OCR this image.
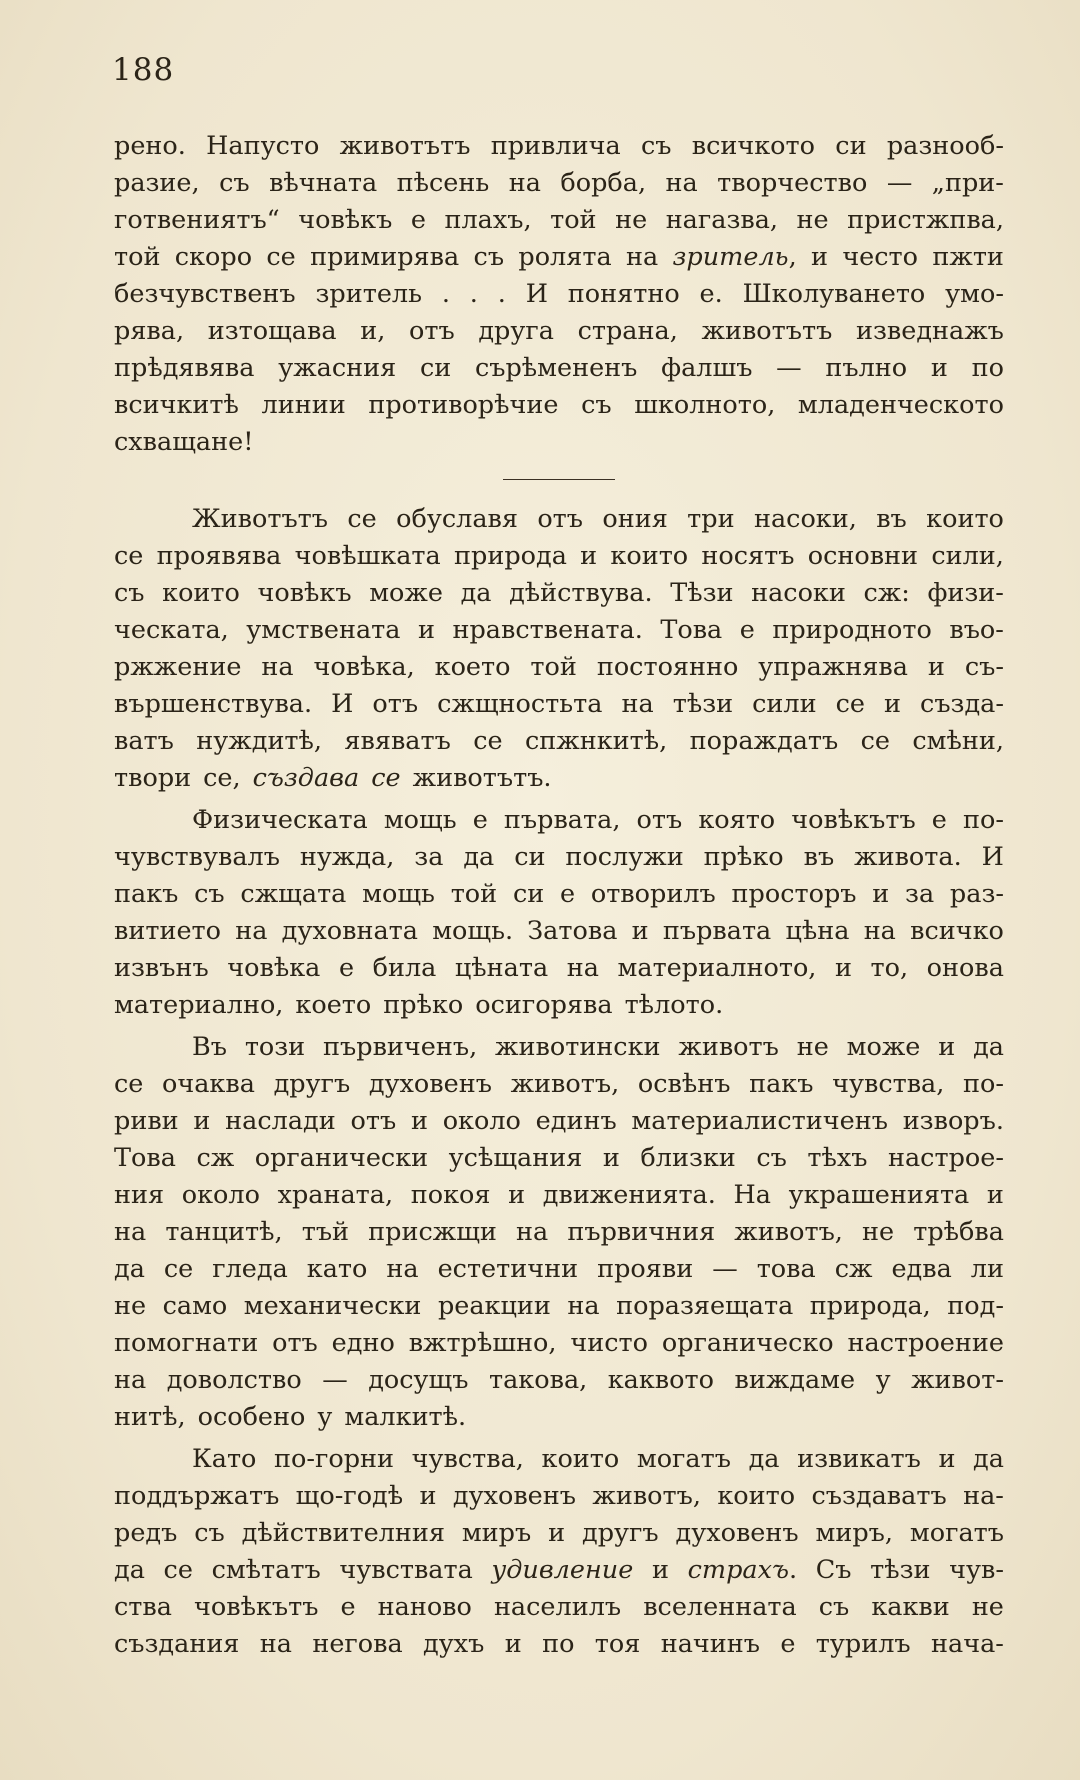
188
рено. Напусто животътъ привлича съ всичкото си разнооб-
разие, съ вѣчната пѣсень на борба, на творчество — „при-
готвениятъ“ човѣкъ е плахъ, той не нагазва, не пристжпва,
той скоро се примирява съ ролята на зритель, и често пжти
безчувственъ зритель . . . И понятно е. Школуването умо-
рява, изтощава и, отъ друга страна, животътъ изведнажъ
прѣдявява ужасния си сърѣмененъ фалшъ — пълно и по
всичкитѣ линии противорѣчие съ школното, младенческото
схващане!
Животътъ се обуславя отъ ония три насоки, въ които
се проявява човѣшката природа и които носятъ основни сили,
съ които човѣкъ може да дѣйствува. Тѣзи насоки сж: физи-
ческата, умствената и нравствената. Това е природното въо-
ржжение на човѣка, което той постоянно упражнява и съ-
вършенствува. И отъ сжщностьта на тѣзи сили се и създа-
ватъ нуждитѣ, явяватъ се спжнкитѣ, пораждатъ се смѣни,
твори се, създава се животътъ.
Физическата мощь е първата, отъ която човѣкътъ е по-
чувствувалъ нужда, за да си послужи прѣко въ живота. И
пакъ съ сжщата мощь той си е отворилъ просторъ и за раз-
витието на духовната мощь. Затова и първата цѣна на всичко
извънъ човѣка е била цѣната на материалното, и то, онова
материално, което прѣко осигорява тѣлото.
Въ този първиченъ, животински животъ не може и да
се очаква другъ духовенъ животъ, освѣнъ пакъ чувства, по-
риви и наслади отъ и около единъ материалистиченъ изворъ.
Това сж органически усѣщания и близки съ тѣхъ настрое-
ния около храната, покоя и движенията. На украшенията и
на танцитѣ, тъй присжщи на първичния животъ, не трѣбва
да се гледа като на естетични прояви — това сж едва ли
не само механически реакции на поразяещата природа, под-
помогнати отъ едно вжтрѣшно, чисто органическо настроение
на доволство — досущъ такова, каквото виждаме у живот-
нитѣ, особено у малкитѣ.
Като по-горни чувства, които могатъ да извикатъ и да
поддържатъ що-годѣ и духовенъ животъ, които създаватъ на-
редъ съ дѣйствителния миръ и другъ духовенъ миръ, могатъ
да се смѣтатъ чувствата удивление и страхъ. Съ тѣзи чув-
ства човѣкътъ е наново населилъ вселенната съ какви не
създания на негова духъ и по тоя начинъ е турилъ нача-
